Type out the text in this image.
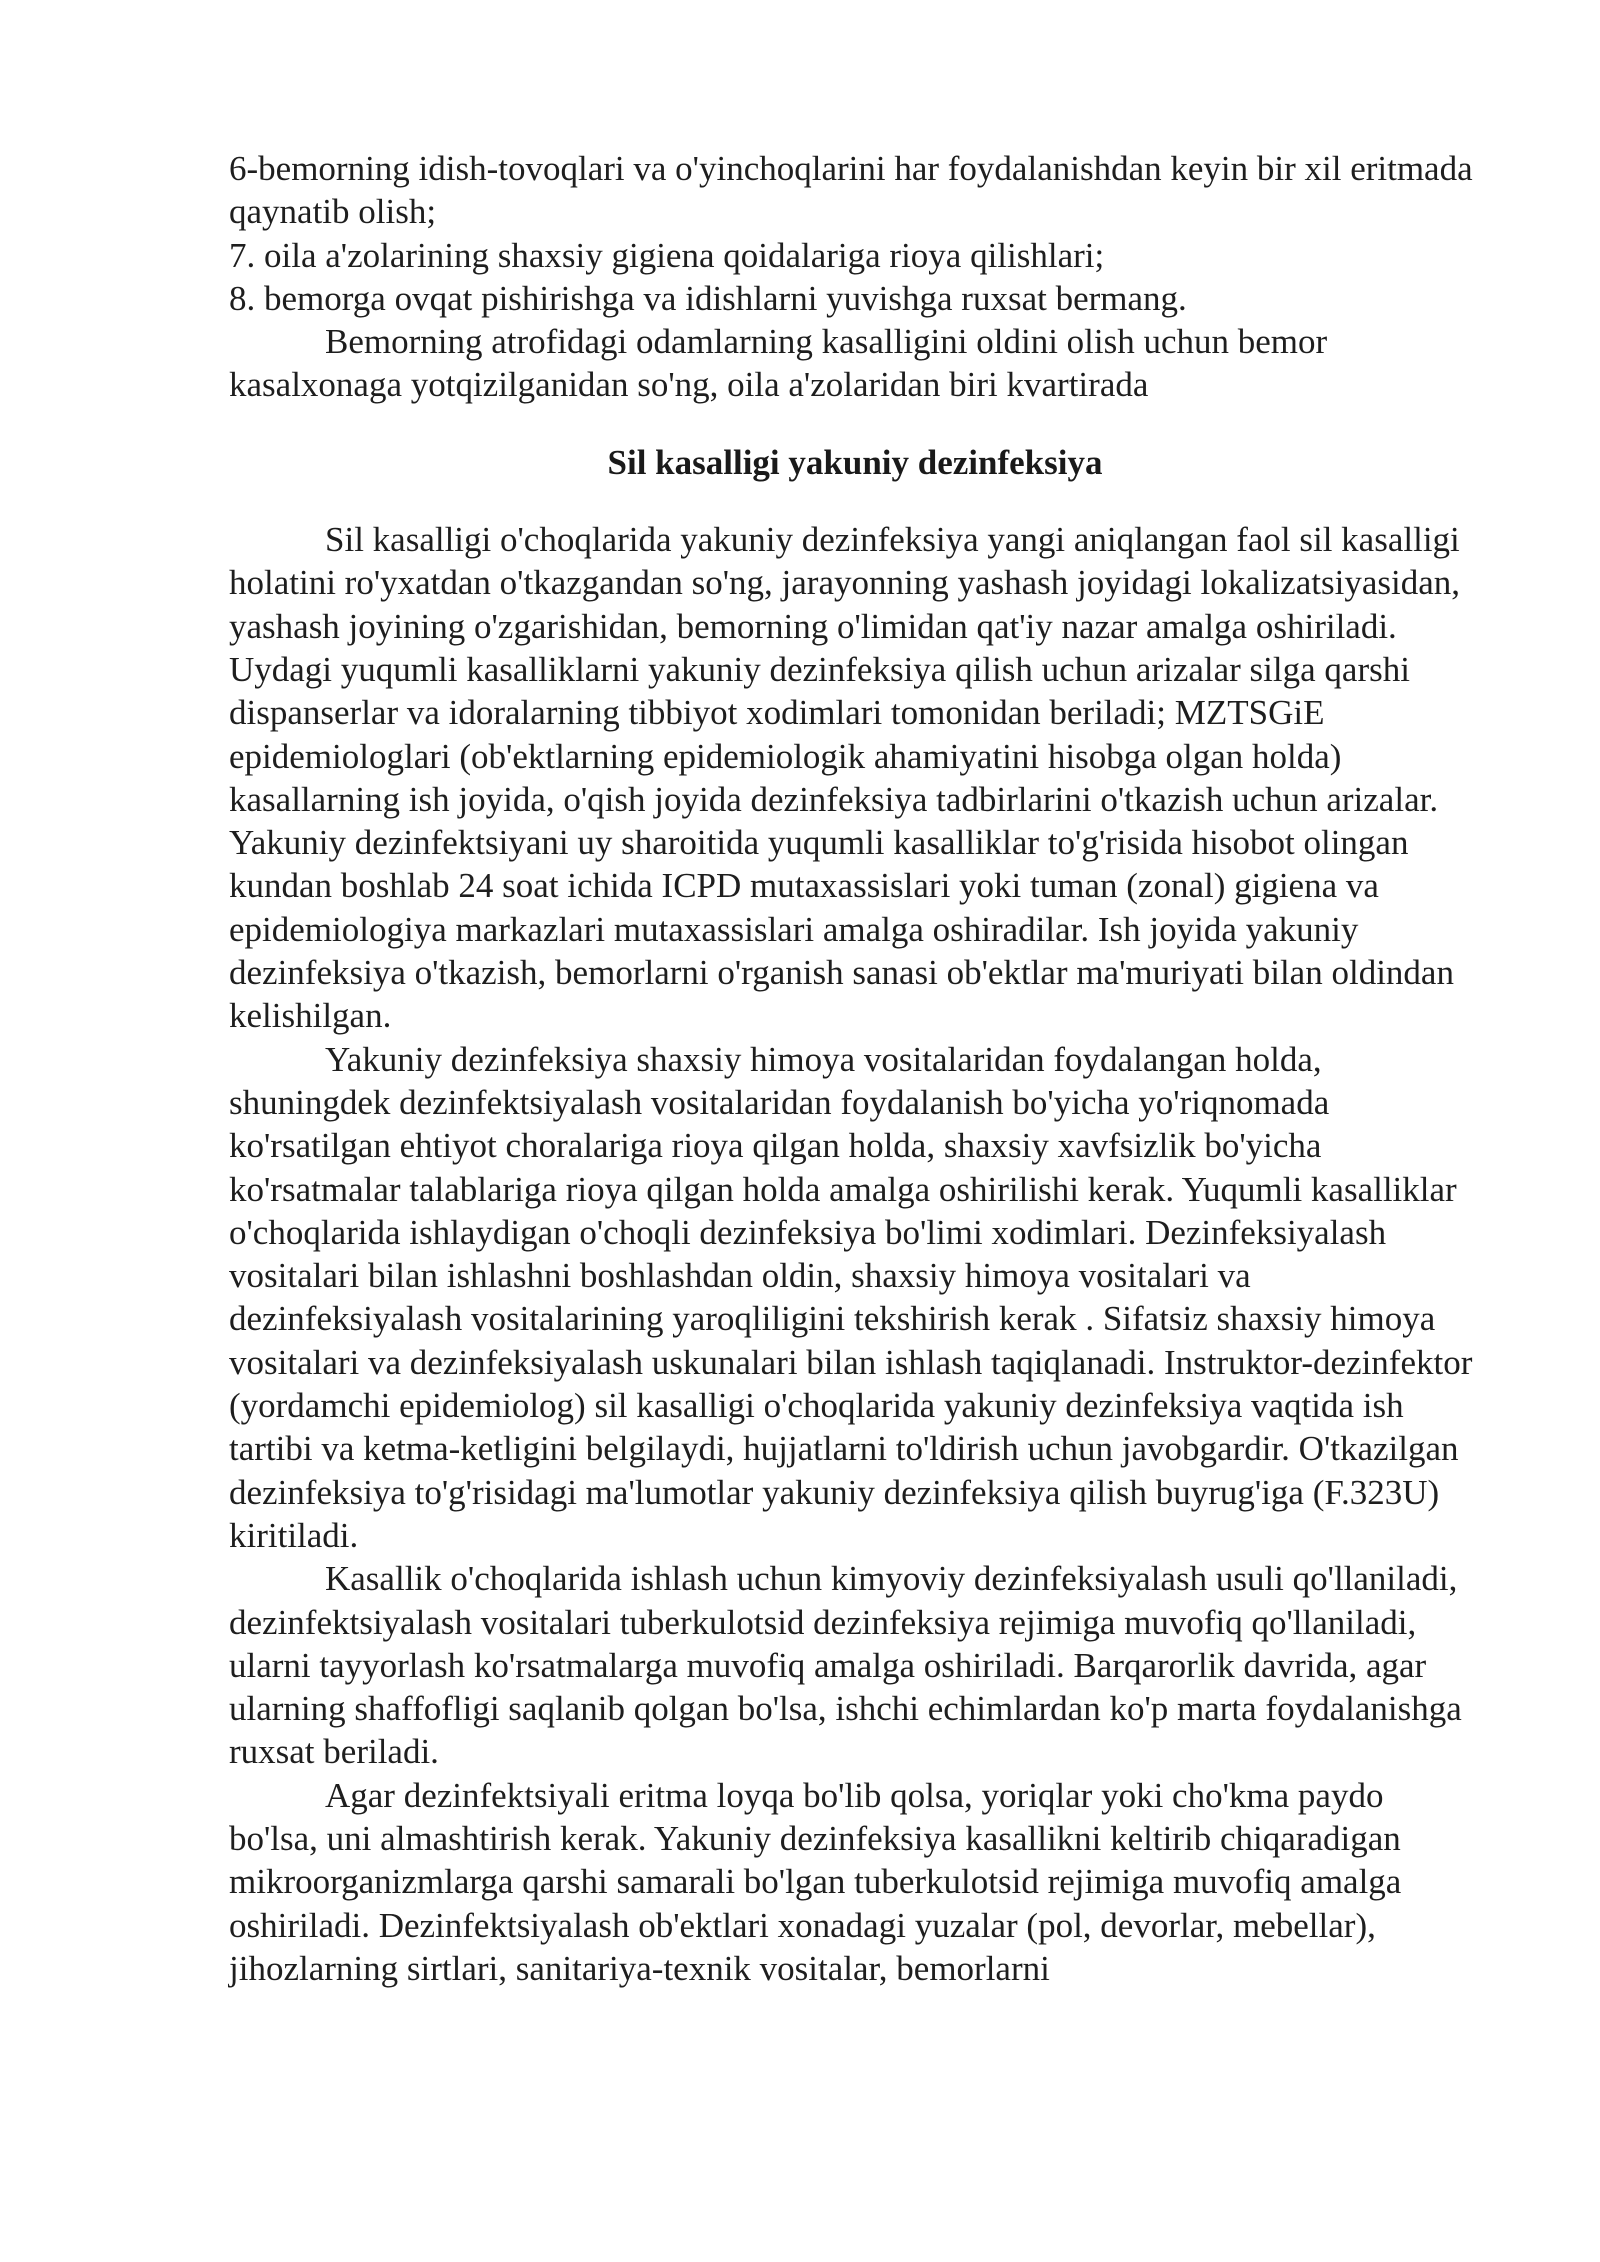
6-bemorning idish-tovoqlari va o'yinchoqlarini har foydalanishdan keyin bir xil eritmada qaynatib olish;
7. oila a'zolarining shaxsiy gigiena qoidalariga rioya qilishlari;
8. bemorga ovqat pishirishga va idishlarni yuvishga ruxsat bermang.
Bemorning atrofidagi odamlarning kasalligini oldini olish uchun bemor kasalxonaga yotqizilganidan so'ng, oila a'zolaridan biri kvartirada
Sil kasalligi yakuniy dezinfeksiya
Sil kasalligi o'choqlarida yakuniy dezinfeksiya yangi aniqlangan faol sil kasalligi holatini ro'yxatdan o'tkazgandan so'ng, jarayonning yashash joyidagi lokalizatsiyasidan, yashash joyining o'zgarishidan, bemorning o'limidan qat'iy nazar amalga oshiriladi. Uydagi yuqumli kasalliklarni yakuniy dezinfeksiya qilish uchun arizalar silga qarshi dispanserlar va idoralarning tibbiyot xodimlari tomonidan beriladi; MZTSGiE epidemiologlari (ob'ektlarning epidemiologik ahamiyatini hisobga olgan holda) kasallarning ish joyida, o'qish joyida dezinfeksiya tadbirlarini o'tkazish uchun arizalar. Yakuniy dezinfektsiyani uy sharoitida yuqumli kasalliklar to'g'risida hisobot olingan kundan boshlab 24 soat ichida ICPD mutaxassislari yoki tuman (zonal) gigiena va epidemiologiya markazlari mutaxassislari amalga oshiradilar. Ish joyida yakuniy dezinfeksiya o'tkazish, bemorlarni o'rganish sanasi ob'ektlar ma'muriyati bilan oldindan kelishilgan.
Yakuniy dezinfeksiya shaxsiy himoya vositalaridan foydalangan holda, shuningdek dezinfektsiyalash vositalaridan foydalanish bo'yicha yo'riqnomada ko'rsatilgan ehtiyot choralariga rioya qilgan holda, shaxsiy xavfsizlik bo'yicha ko'rsatmalar talablariga rioya qilgan holda amalga oshirilishi kerak. Yuqumli kasalliklar o'choqlarida ishlaydigan o'choqli dezinfeksiya bo'limi xodimlari. Dezinfeksiyalash vositalari bilan ishlashni boshlashdan oldin, shaxsiy himoya vositalari va dezinfeksiyalash vositalarining yaroqliligini tekshirish kerak . Sifatsiz shaxsiy himoya vositalari va dezinfeksiyalash uskunalari bilan ishlash taqiqlanadi. Instruktor-dezinfektor (yordamchi epidemiolog) sil kasalligi o'choqlarida yakuniy dezinfeksiya vaqtida ish tartibi va ketma-ketligini belgilaydi, hujjatlarni to'ldirish uchun javobgardir. O'tkazilgan dezinfeksiya to'g'risidagi ma'lumotlar yakuniy dezinfeksiya qilish buyrug'iga (F.323U) kiritiladi.
Kasallik o'choqlarida ishlash uchun kimyoviy dezinfeksiyalash usuli qo'llaniladi, dezinfektsiyalash vositalari tuberkulotsid dezinfeksiya rejimiga muvofiq qo'llaniladi, ularni tayyorlash ko'rsatmalarga muvofiq amalga oshiriladi. Barqarorlik davrida, agar ularning shaffofligi saqlanib qolgan bo'lsa, ishchi echimlardan ko'p marta foydalanishga ruxsat beriladi.
Agar dezinfektsiyali eritma loyqa bo'lib qolsa, yoriqlar yoki cho'kma paydo bo'lsa, uni almashtirish kerak. Yakuniy dezinfeksiya kasallikni keltirib chiqaradigan mikroorganizmlarga qarshi samarali bo'lgan tuberkulotsid rejimiga muvofiq amalga oshiriladi. Dezinfektsiyalash ob'ektlari xonadagi yuzalar (pol, devorlar, mebellar), jihozlarning sirtlari, sanitariya-texnik vositalar, bemorlarni
